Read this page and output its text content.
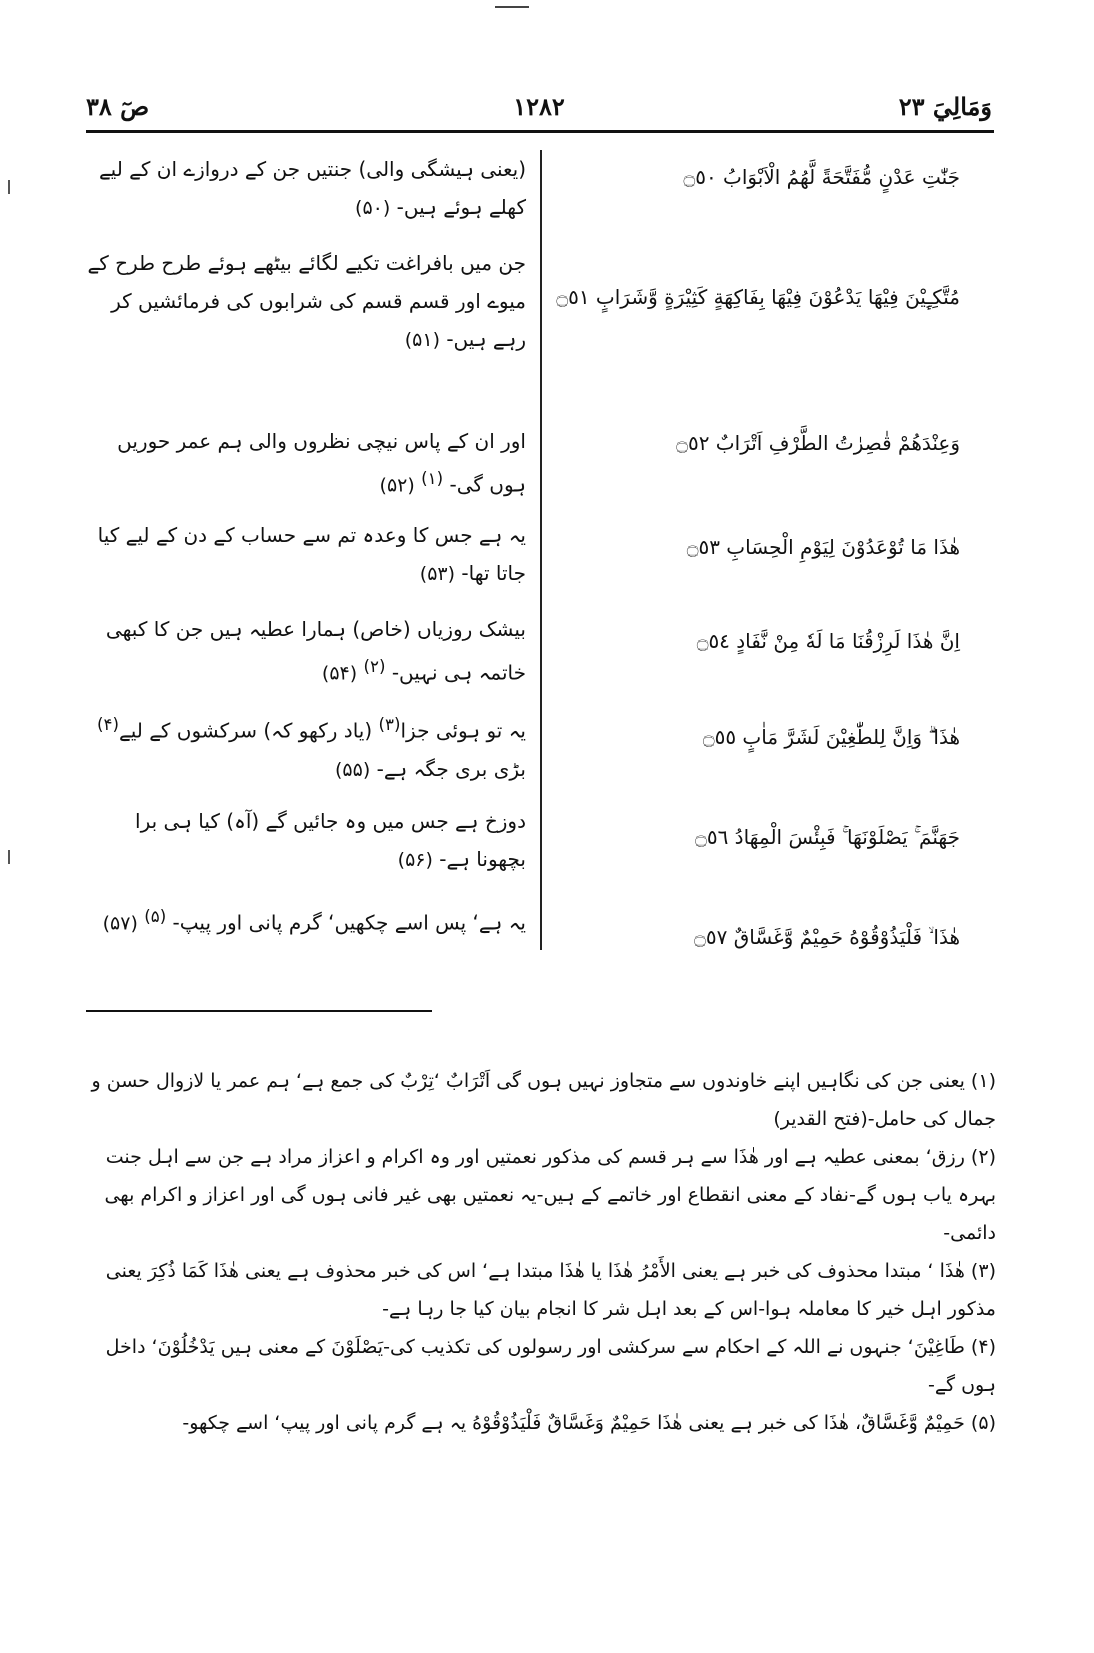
صٓ ٣٨	١٢٨٢	وَمَالِيَ ٢٣
جَنّٰتِ عَدْنٍ مُّفَتَّحَةً لَّهُمُ الْاَبْوَابُ ۝٥٠
مُتَّكِـِٕيْنَ فِيْهَا يَدْعُوْنَ فِيْهَا بِفَاكِهَةٍ كَثِيْرَةٍ وَّشَرَابٍ ۝٥١
وَعِنْدَهُمْ قٰصِرٰتُ الطَّرْفِ اَتْرَابٌ ۝٥٢
هٰذَا مَا تُوْعَدُوْنَ لِيَوْمِ الْحِسَابِ ۝٥٣
اِنَّ هٰذَا لَرِزْقُنَا مَا لَهٗ مِنْ نَّفَادٍ ۝٥٤
هٰذَا ۗ وَاِنَّ لِلطّٰغِيْنَ لَشَرَّ مَاٰبٍ ۝٥٥
جَهَنَّمَ ۚ يَصْلَوْنَهَا ۚ فَبِئْسَ الْمِهَادُ ۝٥٦
هٰذَا ۙ فَلْيَذُوْقُوْهُ حَمِيْمٌ وَّغَسَّاقٌ ۝٥٧
(یعنی ہیشگی والی) جنتیں جن کے دروازے ان کے لیے کھلے ہوئے ہیں- (۵۰)
جن میں بافراغت تکیے لگائے بیٹھے ہوئے طرح طرح کے میوے اور قسم قسم کی شرابوں کی فرمائشیں کر رہے ہیں- (۵۱)
اور ان کے پاس نیچی نظروں والی ہم عمر حوریں ہوں گی- $^{(۱)}$ (۵۲)
یہ ہے جس کا وعدہ تم سے حساب کے دن کے لیے کیا جاتا تھا- (۵۳)
بیشک روزیاں (خاص) ہمارا عطیہ ہیں جن کا کبھی خاتمہ ہی نہیں- $^{(۲)}$ (۵۴)
یہ تو ہوئی جزا$^{(۳)}$ (یاد رکھو کہ) سرکشوں کے لیے$^{(۴)}$ بڑی بری جگہ ہے- (۵۵)
دوزخ ہے جس میں وہ جائیں گے (آہ) کیا ہی برا بچھونا ہے- (۵۶)
یہ ہے‘ پس اسے چکھیں‘ گرم پانی اور پیپ- $^{(۵)}$ (۵۷)

(۱) یعنی جن کی نگاہیں اپنے خاوندوں سے متجاوز نہیں ہوں گی اَتْرَابٌ ‘تِرْبٌ کی جمع ہے‘ ہم عمر یا لازوال حسن و جمال کی حامل-(فتح القدیر)

(۲) رزق‘ بمعنی عطیہ ہے اور هٰذَا سے ہر قسم کی مذکور نعمتیں اور وہ اکرام و اعزاز مراد ہے جن سے اہل جنت بہرہ یاب ہوں گے-نفاد کے معنی انقطاع اور خاتمے کے ہیں-یہ نعمتیں بھی غیر فانی ہوں گی اور اعزاز و اکرام بھی دائمی-

(۳) هٰذَا ‘ مبتدا محذوف کی خبر ہے یعنی الأَمْرُ هٰذَا یا هٰذَا مبتدا ہے‘ اس کی خبر محذوف ہے یعنی هٰذَا كَمَا ذُكِرَ یعنی مذکور اہل خیر کا معاملہ ہوا-اس کے بعد اہل شر کا انجام بیان کیا جا رہا ہے-

(۴) طَاغِيْنَ‘ جنہوں نے اللہ کے احکام سے سرکشی اور رسولوں کی تکذیب کی-يَصْلَوْنَ کے معنی ہیں يَدْخُلُوْنَ‘ داخل ہوں گے-

(۵) حَمِيْمٌ وَّغَسَّاقٌ، هٰذَا کی خبر ہے یعنی هٰذَا حَمِيْمٌ وَغَسَّاقٌ فَلْيَذُوْقُوْهُ یہ ہے گرم پانی اور پیپ‘ اسے چکھو-
